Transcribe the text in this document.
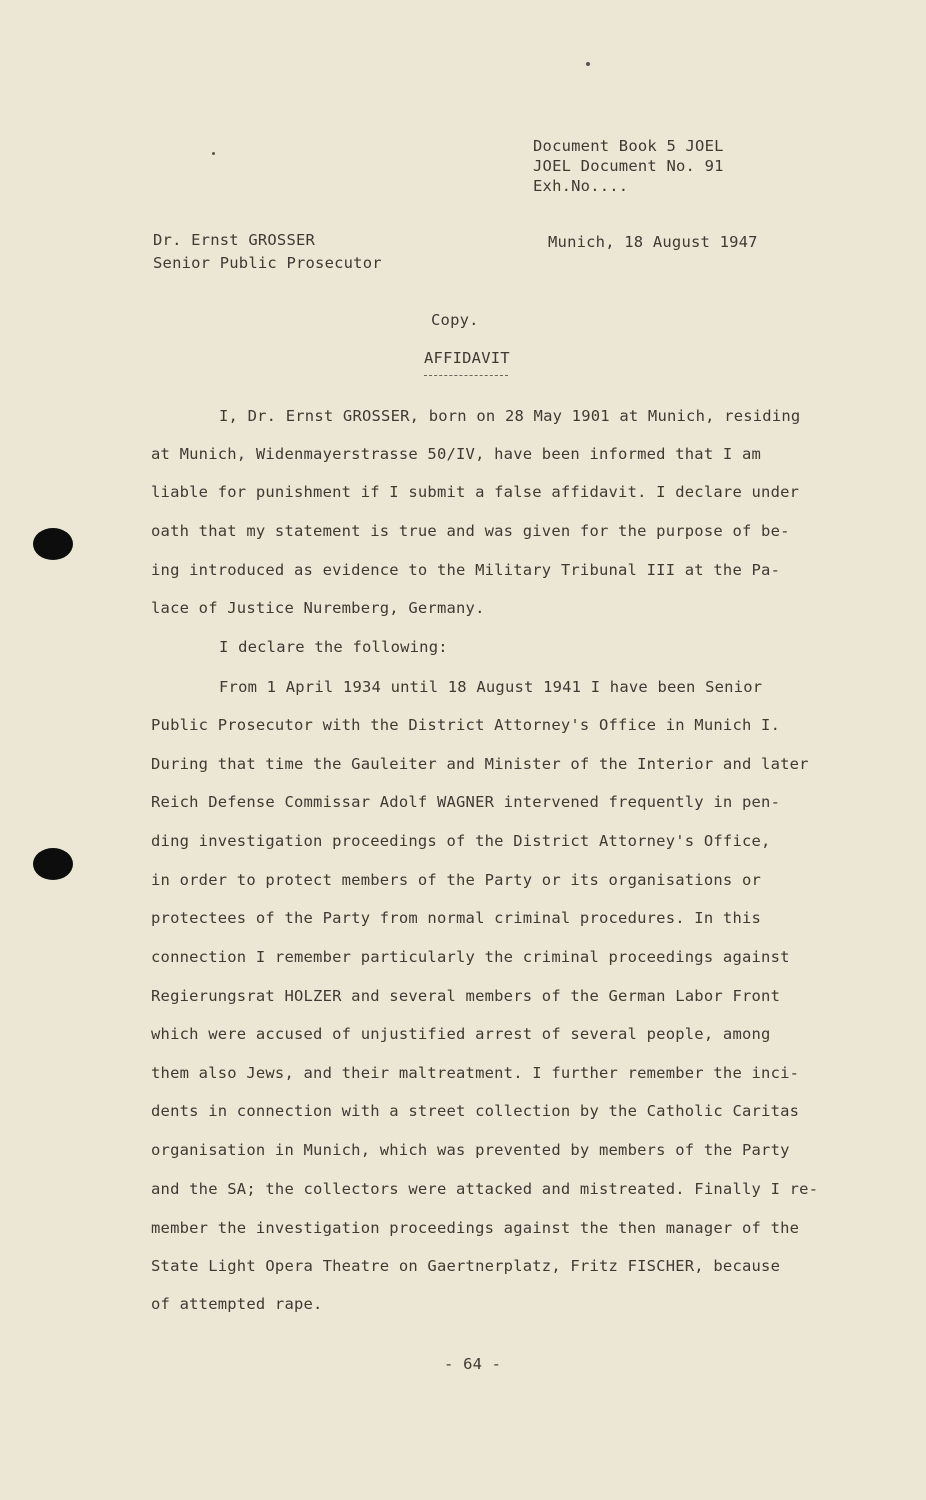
Document Book 5 JOEL
JOEL Document No. 91
Exh.No....
Dr. Ernst GROSSER
Senior Public Prosecutor
Munich, 18 August 1947
Copy.
AFFIDAVIT
I, Dr. Ernst GROSSER, born on 28 May 1901 at Munich, residing
at Munich, Widenmayerstrasse 50/IV, have been informed that I am
liable for punishment if I submit a false affidavit. I declare under
oath that my statement is true and was given for the purpose of be-
ing introduced as evidence to the Military Tribunal III at the Pa-
lace of Justice Nuremberg, Germany.
I declare the following:
From 1 April 1934 until 18 August 1941 I have been Senior
Public Prosecutor with the District Attorney's Office in Munich I.
During that time the Gauleiter and Minister of the Interior and later
Reich Defense Commissar Adolf WAGNER intervened frequently in pen-
ding investigation proceedings of the District Attorney's Office,
in order to protect members of the Party or its organisations or
protectees of the Party from normal criminal procedures. In this
connection I remember particularly the criminal proceedings against
Regierungsrat HOLZER and several members of the German Labor Front
which were accused of unjustified arrest of several people, among
them also Jews, and their maltreatment. I further remember the inci-
dents in connection with a street collection by the Catholic Caritas
organisation in Munich, which was prevented by members of the Party
and the SA; the collectors were attacked and mistreated. Finally I re-
member the investigation proceedings against the then manager of the
State Light Opera Theatre on Gaertnerplatz, Fritz FISCHER, because
of attempted rape.
- 64 -
